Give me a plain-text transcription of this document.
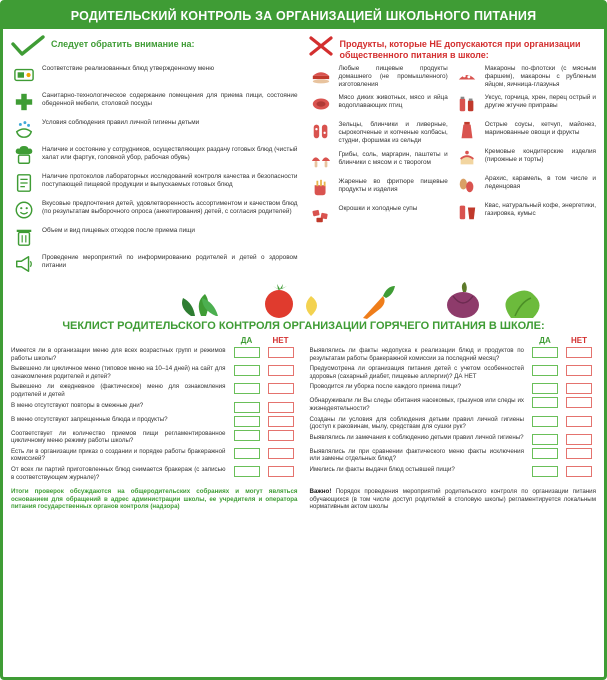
РОДИТЕЛЬСКИЙ КОНТРОЛЬ ЗА ОРГАНИЗАЦИЕЙ ШКОЛЬНОГО ПИТАНИЯ
Следует обратить внимание на:
Соответствие реализованных блюд утвержденному меню
Санитарно-технологическое содержание помещения для приема пищи, состояние обеденной мебели, столовой посуды
Условия соблюдения правил личной гигиены детьми
Наличие и состояние у сотрудников, осуществляющих раздачу готовых блюд (чистый халат или фартук, головной убор, рабочая обувь)
Наличие протоколов лабораторных исследований контроля качества и безопасности поступающей пищевой продукции и выпускаемых готовых блюд
Вкусовые предпочтения детей, удовлетворенность ассортиментом и качеством блюд (по результатам выборочного опроса (анкетирования) детей, с согласия родителей)
Объем и вид пищевых отходов после приема пищи
Проведение мероприятий по информированию родителей и детей о здоровом питании
Продукты, которые НЕ допускаются при организации общественного питания в школе:
Любые пищевые продукты домашнего (не промышленного) изготовления
Мясо диких животных, мясо и яйца водоплавающих птиц
Зельцы, блинчики и ливерные, сырокопченые и копченые колбасы, студни, форшмак из сельди
Грибы, соль, маргарин, паштеты и блинчики с мясом и с творогом
Жареные во фритюре пищевые продукты и изделия
Окрошки и холодные супы
Макароны по-флотски (с мясным фаршем), макароны с рубленым яйцом, яичница-глазунья
Уксус, горчица, хрен, перец острый и другие жгучие приправы
Острые соусы, кетчуп, майонез, маринованные овощи и фрукты
Кремовые кондитерские изделия (пирожные и торты)
Арахис, карамель, в том числе и леденцовая
Квас, натуральный кофе, энергетики, газировка, кумыс
ЧЕКЛИСТ РОДИТЕЛЬСКОГО КОНТРОЛЯ ОРГАНИЗАЦИИ ГОРЯЧЕГО ПИТАНИЯ В ШКОЛЕ:
ДА	НЕТ
Имеется ли в организации меню для всех возрастных групп и режимов работы школы?
Вывешено ли цикличное меню (типовое меню на 10–14 дней) на сайт для ознакомления родителей и детей?
Вывешено ли ежедневное (фактическое) меню для ознакомления родителей и детей
В меню отсутствуют повторы в смежные дни?
В меню отсутствуют запрещенные блюда и продукты?
Соответствует ли количество приемов пищи регламентированное цикличному меню режиму работы школы?
Есть ли в организации приказ о создании и порядке работы бракеражной комиссией?
От всех ли партий приготовленных блюд снимается бракераж (с записью в соответствующем журнале)?
ДА	НЕТ
Выявлялись ли факты недопуска к реализации блюд и продуктов по результатам работы бракеражной комиссии за последний месяц?
Предусмотрена ли организация питания детей с учетом особенностей здоровья (сахарный диабет, пищевые аллергии)? ДА НЕТ
Проводится ли уборка после каждого приема пищи?
Обнаруживали ли Вы следы обитания насекомых, грызунов или следы их жизнедеятельности?
Созданы ли условия для соблюдения детьми правил личной гигиены (доступ к раковинам, мылу, средствам для сушки рук?
Выявлялись ли замечания к соблюдению детьми правил личной гигиены?
Выявлялись ли при сравнении фактического меню факты исключения или замены отдельных блюд?
Имелись ли факты выдачи блюд остывшей пищи?
Итоги проверок обсуждаются на общеродительских собраниях и могут являться основанием для обращений в адрес администрации школы, ее учредителя и оператора питания государственных органов контроля (надзора)
Важно! Порядок проведения мероприятий родительского контроля по организации питания обучающихся (в том числе доступ родителей в столовую школы) регламентируется локальным нормативным актом школы
